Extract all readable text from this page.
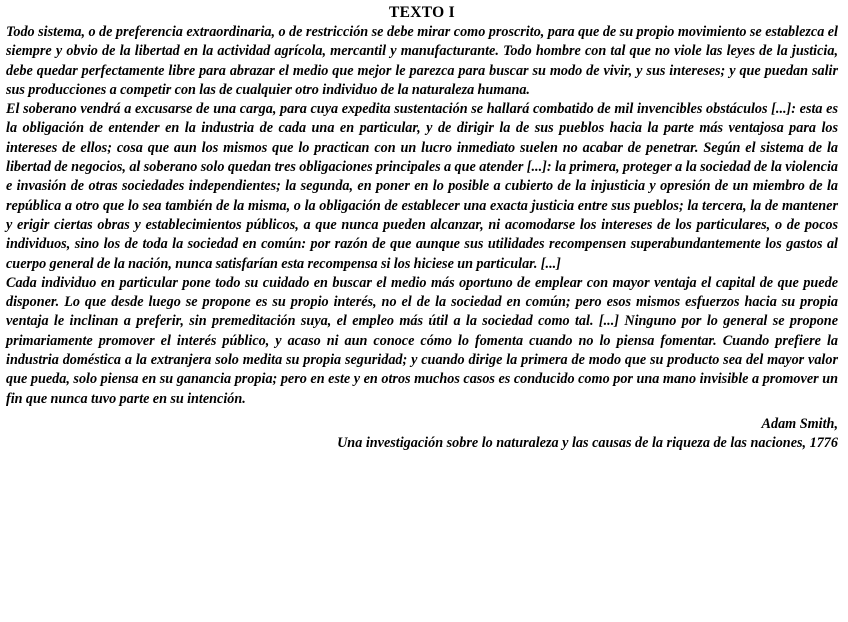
TEXTO I

Todo sistema, o de preferencia extraordinaria, o de restricción se debe mirar como proscrito, para que de su propio movimiento se establezca el siempre y obvio de la libertad en la actividad agrícola, mercantil y manufacturante. Todo hombre con tal que no viole las leyes de la justicia, debe quedar perfectamente libre para abrazar el medio que mejor le parezca para buscar su modo de vivir, y sus intereses; y que puedan salir sus producciones a competir con las de cualquier otro individuo de la naturaleza humana.

El soberano vendrá a excusarse de una carga, para cuya expedita sustentación se hallará combatido de mil invencibles obstáculos [...]: esta es la obligación de entender en la industria de cada una en particular, y de dirigir la de sus pueblos hacia la parte más ventajosa para los intereses de ellos; cosa que aun los mismos que lo practican con un lucro inmediato suelen no acabar de penetrar. Según el sistema de la libertad de negocios, al soberano solo quedan tres obligaciones principales a que atender [...]: la primera, proteger a la sociedad de la violencia e invasión de otras sociedades independientes; la segunda, en poner en lo posible a cubierto de la injusticia y opresión de un miembro de la república a otro que lo sea también de la misma, o la obligación de establecer una exacta justicia entre sus pueblos; la tercera, la de mantener y erigir ciertas obras y establecimientos públicos, a que nunca pueden alcanzar, ni acomodarse los intereses de los particulares, o de pocos individuos, sino los de toda la sociedad en común: por razón de que aunque sus utilidades recompensen superabundantemente los gastos al cuerpo general de la nación, nunca satisfarían esta recompensa si los hiciese un particular. [...]

Cada individuo en particular pone todo su cuidado en buscar el medio más oportuno de emplear con mayor ventaja el capital de que puede disponer. Lo que desde luego se propone es su propio interés, no el de la sociedad en común; pero esos mismos esfuerzos hacia su propia ventaja le inclinan a preferir, sin premeditación suya, el empleo más útil a la sociedad como tal. [...] Ninguno por lo general se propone primariamente promover el interés público, y acaso ni aun conoce cómo lo fomenta cuando no lo piensa fomentar. Cuando prefiere la industria doméstica a la extranjera solo medita su propia seguridad; y cuando dirige la primera de modo que su producto sea del mayor valor que pueda, solo piensa en su ganancia propia; pero en este y en otros muchos casos es conducido como por una mano invisible a promover un fin que nunca tuvo parte en su intención.

Adam Smith,
Una investigación sobre lo naturaleza y las causas de la riqueza de las naciones, 1776
